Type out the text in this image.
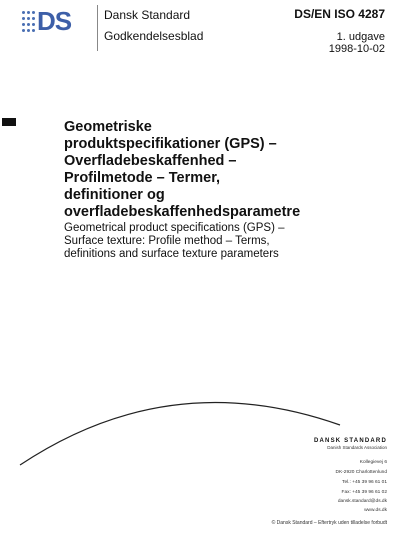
DS	Dansk Standard
Godkendelsesblad
DS/EN ISO 4287
1. udgave
1998-10-02
Geometriske
produktspecifikationer (GPS) –
Overfladebeskaffenhed –
Profilmetode – Termer,
definitioner og
overfladebeskaffenhedsparametre
Geometrical product specifications (GPS) –
Surface texture: Profile method – Terms,
definitions and surface texture parameters
DANSK STANDARD
Danish Standards Association
Kollegievej 6
DK-2920 Charlottenlund
Tel.: +45 39 96 61 01
Fax: +45 39 96 61 02
dansk.standard@ds.dk
www.ds.dk
© Dansk Standard – Eftertryk uden tilladelse forbudt
